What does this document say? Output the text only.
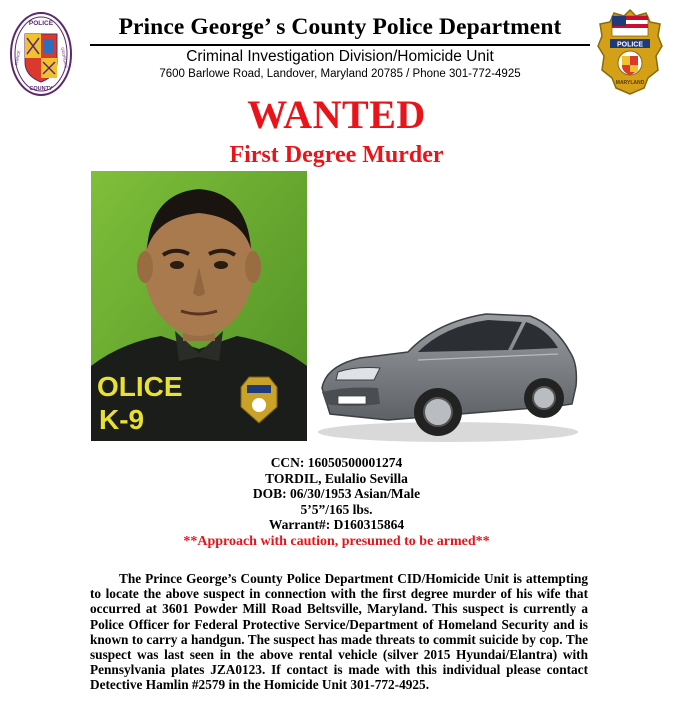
POLICE
COUNTY
PRINCE	GEORGE'S
POLICE
MARYLAND
Prince George’ s County Police Department
Criminal Investigation Division/Homicide Unit
7600 Barlowe Road, Landover, Maryland 20785 / Phone 301-772-4925
WANTED
First Degree Murder
OLICE
K-9
CCN: 16050500001274
TORDIL, Eulalio Sevilla
DOB: 06/30/1953 Asian/Male
5’5”/165 lbs.
Warrant#: D160315864
**Approach with caution, presumed to be armed**
The Prince George’s County Police Department CID/Homicide Unit is attempting to locate the above suspect in connection with the first degree murder of his wife that occurred at 3601 Powder Mill Road Beltsville, Maryland. This suspect is currently a Police Officer for Federal Protective Service/Department of Homeland Security and is known to carry a handgun. The suspect has made threats to commit suicide by cop. The suspect was last seen in the above rental vehicle (silver 2015 Hyundai/Elantra) with Pennsylvania plates JZA0123. If contact is made with this individual please contact Detective Hamlin #2579 in the Homicide Unit 301-772-4925.
